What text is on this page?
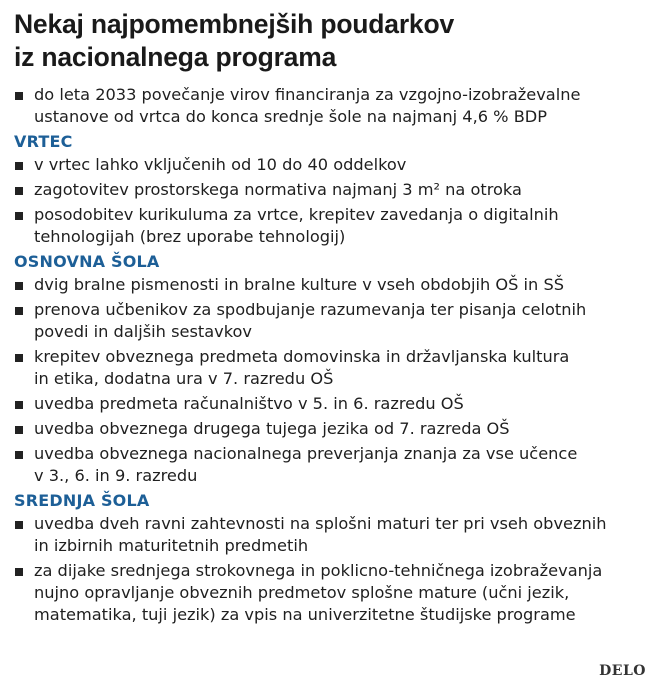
Nekaj najpomembnejših poudarkov
iz nacionalnega programa
do leta 2033 povečanje virov financiranja za vzgojno-izobraževalne
ustanove od vrtca do konca srednje šole na najmanj 4,6 % BDP
VRTEC
v vrtec lahko vključenih od 10 do 40 oddelkov
zagotovitev prostorskega normativa najmanj 3 m² na otroka
posodobitev kurikuluma za vrtce, krepitev zavedanja o digitalnih
tehnologijah (brez uporabe tehnologij)
OSNOVNA ŠOLA
dvig bralne pismenosti in bralne kulture v vseh obdobjih OŠ in SŠ
prenova učbenikov za spodbujanje razumevanja ter pisanja celotnih
povedi in daljših sestavkov
krepitev obveznega predmeta domovinska in državljanska kultura
in etika, dodatna ura v 7. razredu OŠ
uvedba predmeta računalništvo v 5. in 6. razredu OŠ
uvedba obveznega drugega tujega jezika od 7. razreda OŠ
uvedba obveznega nacionalnega preverjanja znanja za vse učence
v 3., 6. in 9. razredu
SREDNJA ŠOLA
uvedba dveh ravni zahtevnosti na splošni maturi ter pri vseh obveznih
in izbirnih maturitetnih predmetih
za dijake srednjega strokovnega in poklicno-tehničnega izobraževanja
nujno opravljanje obveznih predmetov splošne mature (učni jezik,
matematika, tuji jezik) za vpis na univerzitetne študijske programe
DELO
